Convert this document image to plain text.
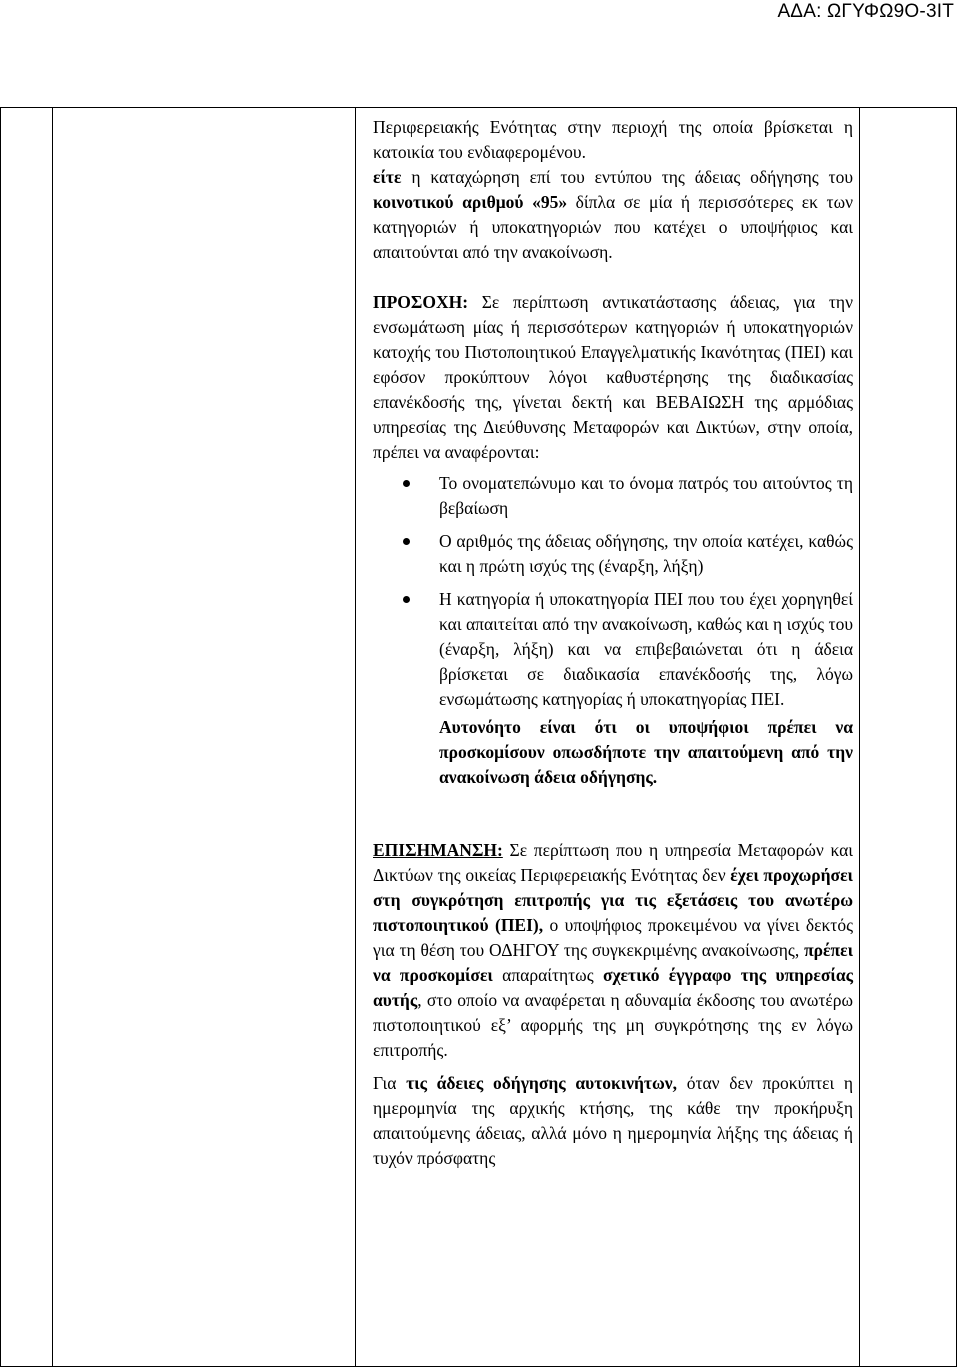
ΑΔΑ: ΩΓΥΦΩ9Ο-3ΙΤ

Περιφερειακής Ενότητας στην περιοχή της οποία βρίσκεται η κατοικία του ενδιαφερομένου.

είτε η καταχώρηση επί του εντύπου της άδειας οδήγησης του κοινοτικού αριθμού «95» δίπλα σε μία ή περισσότερες εκ των κατηγοριών ή υποκατηγοριών που κατέχει ο υποψήφιος και απαιτούνται από την ανακοίνωση.

ΠΡΟΣΟΧΗ: Σε περίπτωση αντικατάστασης άδειας, για την ενσωμάτωση μίας ή περισσότερων κατηγοριών ή υποκατηγοριών κατοχής του Πιστοποιητικού Επαγγελματικής Ικανότητας (ΠΕΙ) και εφόσον προκύπτουν λόγοι καθυστέρησης της διαδικασίας επανέκδοσής της, γίνεται δεκτή και ΒΕΒΑΙΩΣΗ της αρμόδιας υπηρεσίας της Διεύθυνσης Μεταφορών και Δικτύων, στην οποία, πρέπει να αναφέρονται:

Το ονοματεπώνυμο και το όνομα πατρός του αιτούντος τη βεβαίωση
Ο αριθμός της άδειας οδήγησης, την οποία κατέχει, καθώς και η πρώτη ισχύς της (έναρξη, λήξη)
Η κατηγορία ή υποκατηγορία ΠΕΙ που του έχει χορηγηθεί και απαιτείται από την ανακοίνωση, καθώς και η ισχύς του (έναρξη, λήξη) και να επιβεβαιώνεται ότι η άδεια βρίσκεται σε διαδικασία επανέκδοσής της, λόγω ενσωμάτωσης κατηγορίας ή υποκατηγορίας ΠΕΙ.

Αυτονόητο είναι ότι οι υποψήφιοι πρέπει να προσκομίσουν οπωσδήποτε την απαιτούμενη από την ανακοίνωση άδεια οδήγησης.

ΕΠΙΣΗΜΑΝΣΗ: Σε περίπτωση που η υπηρεσία Μεταφορών και Δικτύων της οικείας Περιφερειακής Ενότητας δεν έχει προχωρήσει στη συγκρότηση επιτροπής για τις εξετάσεις του ανωτέρω πιστοποιητικού (ΠΕΙ), ο υποψήφιος προκειμένου να γίνει δεκτός για τη θέση του ΟΔΗΓΟΥ της συγκεκριμένης ανακοίνωσης, πρέπει να προσκομίσει απαραίτητως σχετικό έγγραφο της υπηρεσίας αυτής, στο οποίο να αναφέρεται η αδυναμία έκδοσης του ανωτέρω πιστοποιητικού εξ’ αφορμής της μη συγκρότησης της εν λόγω επιτροπής.

Για τις άδειες οδήγησης αυτοκινήτων, όταν δεν προκύπτει η ημερομηνία της αρχικής κτήσης, της κάθε την προκήρυξη απαιτούμενης άδειας, αλλά μόνο η ημερομηνία λήξης της άδειας ή τυχόν πρόσφατης
